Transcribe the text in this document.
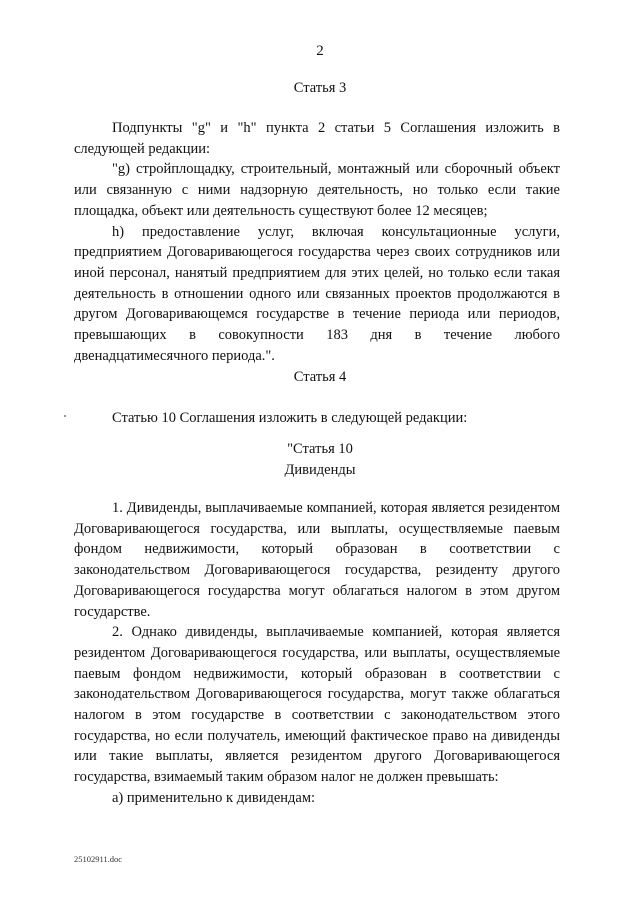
2
Статья 3

Подпункты "g" и "h" пункта 2 статьи 5 Соглашения изложить в следующей редакции:

"g) стройплощадку, строительный, монтажный или сборочный объект или связанную с ними надзорную деятельность, но только если такие площадка, объект или деятельность существуют более 12 месяцев;

h) предоставление услуг, включая консультационные услуги, предприятием Договаривающегося государства через своих сотрудников или иной персонал, нанятый предприятием для этих целей, но только если такая деятельность в отношении одного или связанных проектов продолжаются в другом Договаривающемся государстве в течение периода или периодов, превышающих в совокупности 183 дня в течение любого двенадцатимесячного периода.".

Статья 4

Статью 10 Соглашения изложить в следующей редакции:

"Статья 10
Дивиденды

1. Дивиденды, выплачиваемые компанией, которая является резидентом Договаривающегося государства, или выплаты, осуществляемые паевым фондом недвижимости, который образован в соответствии с законодательством Договаривающегося государства, резиденту другого Договаривающегося государства могут облагаться налогом в этом другом государстве.

2. Однако дивиденды, выплачиваемые компанией, которая является резидентом Договаривающегося государства, или выплаты, осуществляемые паевым фондом недвижимости, который образован в соответствии с законодательством Договаривающегося государства, могут также облагаться налогом в этом государстве в соответствии с законодательством этого государства, но если получатель, имеющий фактическое право на дивиденды или такие выплаты, является резидентом другого Договаривающегося государства, взимаемый таким образом налог не должен превышать:

а) применительно к дивидендам:

25102911.doc
